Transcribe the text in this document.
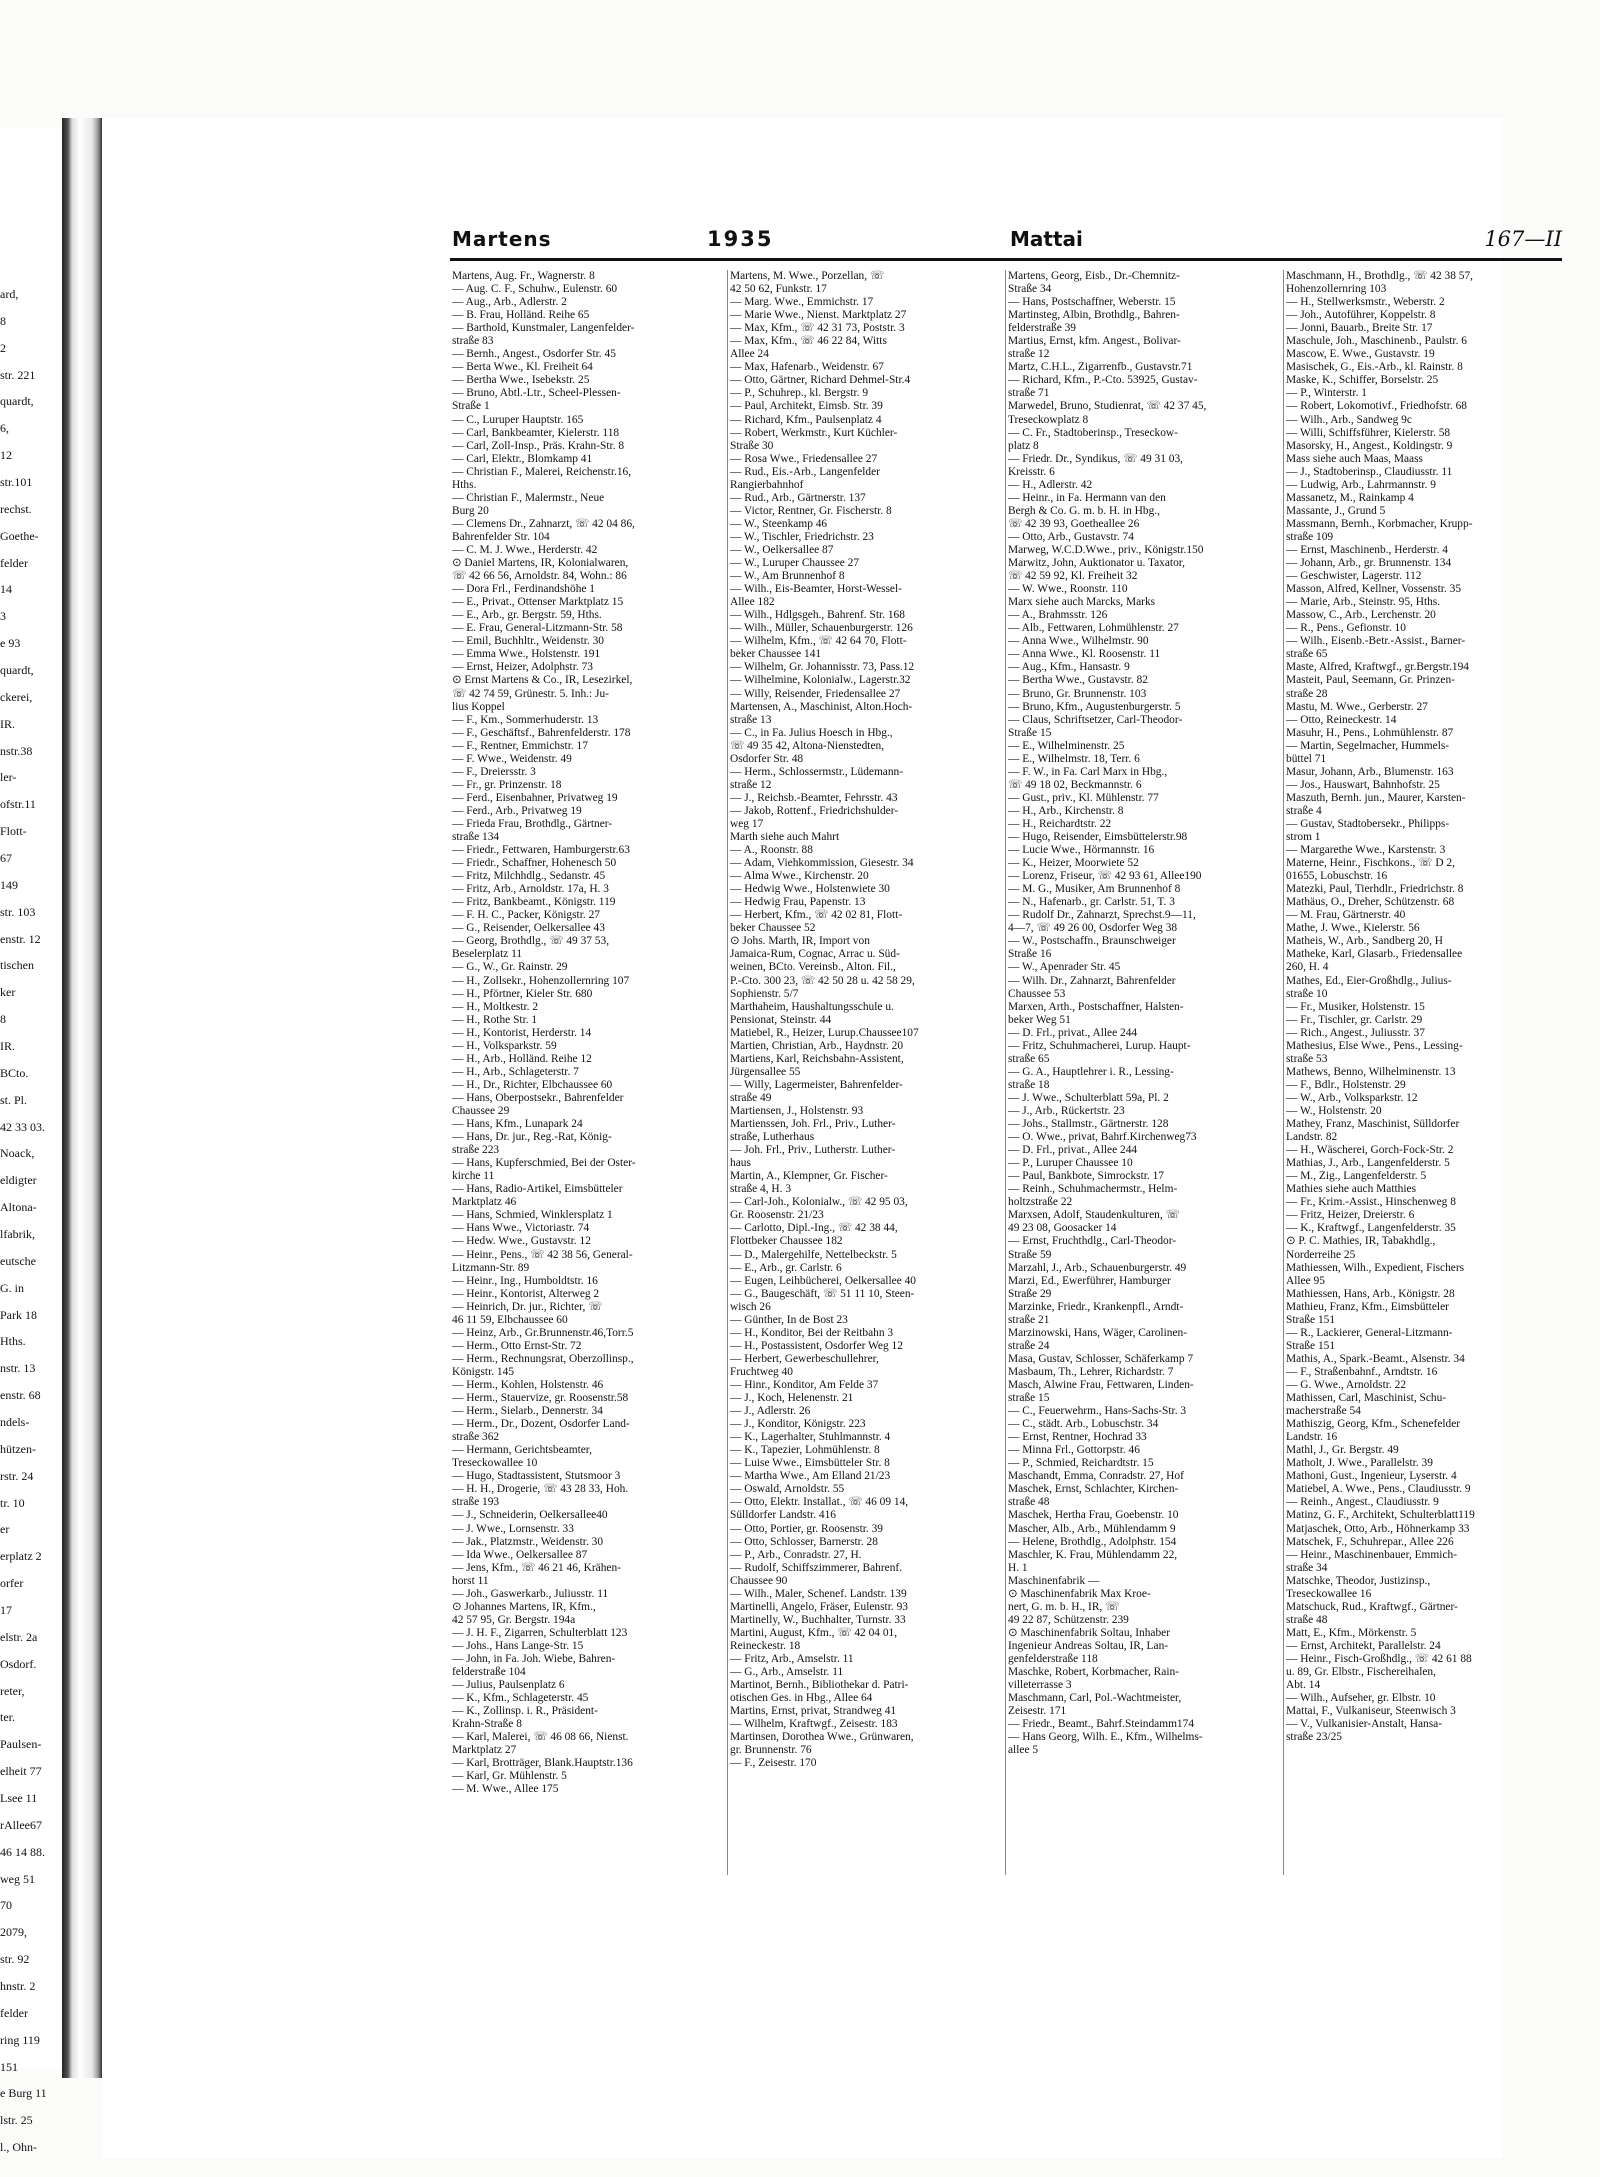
ard,
8
2
str. 221
quardt,
6,
12
str.101
rechst.
Goethe-
felder
14
3
e 93
quardt,
ckerei,
IR.
nstr.38
ler-
ofstr.11
Flott-
67
149
str. 103
enstr. 12
tischen
ker
8
IR.
BCto.
st. Pl.
42 33 03.
Noack,
eldigter
Altona-
lfabrik,
eutsche
G. in
Park 18
Hths.
nstr. 13
enstr. 68
ndels-
hützen-
rstr. 24
tr. 10
er
erplatz 2
orfer
17
elstr. 2a
Osdorf.
reter,
ter.
Paulsen-
elheit 77
Lsee 11
rAllee67
46 14 88.
weg 51
70
2079,
str. 92
hnstr. 2
felder
ring 119
151
e Burg 11
lstr. 25
l., Ohn-
Martens	1935	Mattai	167—II
Martens, Aug. Fr., Wagnerstr. 8
— Aug. C. F., Schuhw., Eulenstr. 60
— Aug., Arb., Adlerstr. 2
— B. Frau, Holländ. Reihe 65
— Barthold, Kunstmaler, Langenfelder-
straße 83
— Bernh., Angest., Osdorfer Str. 45
— Berta Wwe., Kl. Freiheit 64
— Bertha Wwe., Isebekstr. 25
— Bruno, Abtl.-Ltr., Scheel-Plessen-
Straße 1
— C., Luruper Hauptstr. 165
— Carl, Bankbeamter, Kielerstr. 118
— Carl, Zoll-Insp., Präs. Krahn-Str. 8
— Carl, Elektr., Blomkamp 41
— Christian F., Malerei, Reichenstr.16,
Hths.
— Christian F., Malermstr., Neue
Burg 20
— Clemens Dr., Zahnarzt, ☏ 42 04 86,
Bahrenfelder Str. 104
— C. M. J. Wwe., Herderstr. 42
⊙ Daniel Martens, IR, Kolonialwaren,
☏ 42 66 56, Arnoldstr. 84, Wohn.: 86
— Dora Frl., Ferdinandshöhe 1
— E., Privat., Ottenser Marktplatz 15
— E., Arb., gr. Bergstr. 59, Hths.
— E. Frau, General-Litzmann-Str. 58
— Emil, Buchhltr., Weidenstr. 30
— Emma Wwe., Holstenstr. 191
— Ernst, Heizer, Adolphstr. 73
⊙ Ernst Martens & Co., IR, Lesezirkel,
☏ 42 74 59, Grünestr. 5. Inh.: Ju-
lius Koppel
— F., Km., Sommerhuderstr. 13
— F., Geschäftsf., Bahrenfelderstr. 178
— F., Rentner, Emmichstr. 17
— F. Wwe., Weidenstr. 49
— F., Dreiersstr. 3
— Fr., gr. Prinzenstr. 18
— Ferd., Eisenbahner, Privatweg 19
— Ferd., Arb., Privatweg 19
— Frieda Frau, Brothdlg., Gärtner-
straße 134
— Friedr., Fettwaren, Hamburgerstr.63
— Friedr., Schaffner, Hohenesch 50
— Fritz, Milchhdlg., Sedanstr. 45
— Fritz, Arb., Arnoldstr. 17a, H. 3
— Fritz, Bankbeamt., Königstr. 119
— F. H. C., Packer, Königstr. 27
— G., Reisender, Oelkersallee 43
— Georg, Brothdlg., ☏ 49 37 53,
Beselerplatz 11
— G., W., Gr. Rainstr. 29
— H., Zollsekr., Hohenzollernring 107
— H., Pförtner, Kieler Str. 680
— H., Moltkestr. 2
— H., Rothe Str. 1
— H., Kontorist, Herderstr. 14
— H., Volksparkstr. 59
— H., Arb., Holländ. Reihe 12
— H., Arb., Schlageterstr. 7
— H., Dr., Richter, Elbchaussee 60
— Hans, Oberpostsekr., Bahrenfelder
Chaussee 29
— Hans, Kfm., Lunapark 24
— Hans, Dr. jur., Reg.-Rat, König-
straße 223
— Hans, Kupferschmied, Bei der Oster-
kirche 11
— Hans, Radio-Artikel, Eimsbütteler
Marktplatz 46
— Hans, Schmied, Winklersplatz 1
— Hans Wwe., Victoriastr. 74
— Hedw. Wwe., Gustavstr. 12
— Heinr., Pens., ☏ 42 38 56, General-
Litzmann-Str. 89
— Heinr., Ing., Humboldtstr. 16
— Heinr., Kontorist, Alterweg 2
— Heinrich, Dr. jur., Richter, ☏
46 11 59, Elbchaussee 60
— Heinz, Arb., Gr.Brunnenstr.46,Torr.5
— Herm., Otto Ernst-Str. 72
— Herm., Rechnungsrat, Oberzollinsp.,
Königstr. 145
— Herm., Kohlen, Holstenstr. 46
— Herm., Stauervize, gr. Roosenstr.58
— Herm., Sielarb., Dennerstr. 34
— Herm., Dr., Dozent, Osdorfer Land-
straße 362
— Hermann, Gerichtsbeamter,
Treseckowallee 10
— Hugo, Stadtassistent, Stutsmoor 3
— H. H., Drogerie, ☏ 43 28 33, Hoh.
straße 193
— J., Schneiderin, Oelkersallee40
— J. Wwe., Lornsenstr. 33
— Jak., Platzmstr., Weidenstr. 30
— Ida Wwe., Oelkersallee 87
— Jens, Kfm., ☏ 46 21 46, Krähen-
horst 11
— Joh., Gaswerkarb., Juliusstr. 11
⊙ Johannes Martens, IR, Kfm.,
42 57 95, Gr. Bergstr. 194a
— J. H. F., Zigarren, Schulterblatt 123
— Johs., Hans Lange-Str. 15
— John, in Fa. Joh. Wiebe, Bahren-
felderstraße 104
— Julius, Paulsenplatz 6
— K., Kfm., Schlageterstr. 45
— K., Zollinsp. i. R., Präsident-
Krahn-Straße 8
— Karl, Malerei, ☏ 46 08 66, Nienst.
Marktplatz 27
— Karl, Brotträger, Blank.Hauptstr.136
— Karl, Gr. Mühlenstr. 5
— M. Wwe., Allee 175
Martens, M. Wwe., Porzellan, ☏
42 50 62, Funkstr. 17
— Marg. Wwe., Emmichstr. 17
— Marie Wwe., Nienst. Marktplatz 27
— Max, Kfm., ☏ 42 31 73, Poststr. 3
— Max, Kfm., ☏ 46 22 84, Witts
Allee 24
— Max, Hafenarb., Weidenstr. 67
— Otto, Gärtner, Richard Dehmel-Str.4
— P., Schuhrep., kl. Bergstr. 9
— Paul, Architekt, Eimsb. Str. 39
— Richard, Kfm., Paulsenplatz 4
— Robert, Werkmstr., Kurt Küchler-
Straße 30
— Rosa Wwe., Friedensallee 27
— Rud., Eis.-Arb., Langenfelder
Rangierbahnhof
— Rud., Arb., Gärtnerstr. 137
— Victor, Rentner, Gr. Fischerstr. 8
— W., Steenkamp 46
— W., Tischler, Friedrichstr. 23
— W., Oelkersallee 87
— W., Luruper Chaussee 27
— W., Am Brunnenhof 8
— Wilh., Eis-Beamter, Horst-Wessel-
Allee 182
— Wilh., Hdlgsgeh., Bahrenf. Str. 168
— Wilh., Müller, Schauenburgerstr. 126
— Wilhelm, Kfm., ☏ 42 64 70, Flott-
beker Chaussee 141
— Wilhelm, Gr. Johannisstr. 73, Pass.12
— Wilhelmine, Kolonialw., Lagerstr.32
— Willy, Reisender, Friedensallee 27
Martensen, A., Maschinist, Alton.Hoch-
straße 13
— C., in Fa. Julius Hoesch in Hbg.,
☏ 49 35 42, Altona-Nienstedten,
Osdorfer Str. 48
— Herm., Schlossermstr., Lüdemann-
straße 12
— J., Reichsb.-Beamter, Fehrsstr. 43
— Jakob, Rottenf., Friedrichshulder-
weg 17
Marth siehe auch Mahrt
— A., Roonstr. 88
— Adam, Viehkommission, Giesestr. 34
— Alma Wwe., Kirchenstr. 20
— Hedwig Wwe., Holstenwiete 30
— Hedwig Frau, Papenstr. 13
— Herbert, Kfm., ☏ 42 02 81, Flott-
beker Chaussee 52
⊙ Johs. Marth, IR, Import von
Jamaica-Rum, Cognac, Arrac u. Süd-
weinen, BCto. Vereinsb., Alton. Fil.,
P.-Cto. 300 23, ☏ 42 50 28 u. 42 58 29,
Sophienstr. 5/7
Marthaheim, Haushaltungsschule u.
Pensionat, Steinstr. 44
Matiebel, R., Heizer, Lurup.Chaussee107
Martien, Christian, Arb., Haydnstr. 20
Martiens, Karl, Reichsbahn-Assistent,
Jürgensallee 55
— Willy, Lagermeister, Bahrenfelder-
straße 49
Martiensen, J., Holstenstr. 93
Martienssen, Joh. Frl., Priv., Luther-
straße, Lutherhaus
— Joh. Frl., Priv., Lutherstr. Luther-
haus
Martin, A., Klempner, Gr. Fischer-
straße 4, H. 3
— Carl-Joh., Kolonialw., ☏ 42 95 03,
Gr. Roosenstr. 21/23
— Carlotto, Dipl.-Ing., ☏ 42 38 44,
Flottbeker Chaussee 182
— D., Malergehilfe, Nettelbeckstr. 5
— E., Arb., gr. Carlstr. 6
— Eugen, Leihbücherei, Oelkersallee 40
— G., Baugeschäft, ☏ 51 11 10, Steen-
wisch 26
— Günther, In de Bost 23
— H., Konditor, Bei der Reitbahn 3
— H., Postassistent, Osdorfer Weg 12
— Herbert, Gewerbeschullehrer,
Fruchtweg 40
— Hinr., Konditor, Am Felde 37
— J., Koch, Helenenstr. 21
— J., Adlerstr. 26
— J., Konditor, Königstr. 223
— K., Lagerhalter, Stuhlmannstr. 4
— K., Tapezier, Lohmühlenstr. 8
— Luise Wwe., Eimsbütteler Str. 8
— Martha Wwe., Am Elland 21/23
— Oswald, Arnoldstr. 55
— Otto, Elektr. Installat., ☏ 46 09 14,
Sülldorfer Landstr. 416
— Otto, Portier, gr. Roosenstr. 39
— Otto, Schlosser, Barnerstr. 28
— P., Arb., Conradstr. 27, H.
— Rudolf, Schiffszimmerer, Bahrenf.
Chaussee 90
— Wilh., Maler, Schenef. Landstr. 139
Martinelli, Angelo, Fräser, Eulenstr. 93
Martinelly, W., Buchhalter, Turnstr. 33
Martini, August, Kfm., ☏ 42 04 01,
Reineckestr. 18
— Fritz, Arb., Amselstr. 11
— G., Arb., Amselstr. 11
Martinot, Bernh., Bibliothekar d. Patri-
otischen Ges. in Hbg., Allee 64
Martins, Ernst, privat, Strandweg 41
— Wilhelm, Kraftwgf., Zeisestr. 183
Martinsen, Dorothea Wwe., Grünwaren,
gr. Brunnenstr. 76
— F., Zeisestr. 170
Martens, Georg, Eisb., Dr.-Chemnitz-
Straße 34
— Hans, Postschaffner, Weberstr. 15
Martinsteg, Albin, Brothdlg., Bahren-
felderstraße 39
Martius, Ernst, kfm. Angest., Bolivar-
straße 12
Martz, C.H.L., Zigarrenfb., Gustavstr.71
— Richard, Kfm., P.-Cto. 53925, Gustav-
straße 71
Marwedel, Bruno, Studienrat, ☏ 42 37 45,
Treseckowplatz 8
— C. Fr., Stadtoberinsp., Treseckow-
platz 8
— Friedr. Dr., Syndikus, ☏ 49 31 03,
Kreisstr. 6
— H., Adlerstr. 42
— Heinr., in Fa. Hermann van den
Bergh & Co. G. m. b. H. in Hbg.,
☏ 42 39 93, Goetheallee 26
— Otto, Arb., Gustavstr. 74
Marweg, W.C.D.Wwe., priv., Königstr.150
Marwitz, John, Auktionator u. Taxator,
☏ 42 59 92, Kl. Freiheit 32
— W. Wwe., Roonstr. 110
Marx siehe auch Marcks, Marks
— A., Brahmsstr. 126
— Alb., Fettwaren, Lohmühlenstr. 27
— Anna Wwe., Wilhelmstr. 90
— Anna Wwe., Kl. Roosenstr. 11
— Aug., Kfm., Hansastr. 9
— Bertha Wwe., Gustavstr. 82
— Bruno, Gr. Brunnenstr. 103
— Bruno, Kfm., Augustenburgerstr. 5
— Claus, Schriftsetzer, Carl-Theodor-
Straße 15
— E., Wilhelminenstr. 25
— E., Wilhelmstr. 18, Terr. 6
— F. W., in Fa. Carl Marx in Hbg.,
☏ 49 18 02, Beckmannstr. 6
— Gust., priv., Kl. Mühlenstr. 77
— H., Arb., Kirchenstr. 8
— H., Reichardtstr. 22
— Hugo, Reisender, Eimsbüttelerstr.98
— Lucie Wwe., Hörmannstr. 16
— K., Heizer, Moorwiete 52
— Lorenz, Friseur, ☏ 42 93 61, Allee190
— M. G., Musiker, Am Brunnenhof 8
— N., Hafenarb., gr. Carlstr. 51, T. 3
— Rudolf Dr., Zahnarzt, Sprechst.9—11,
4—7, ☏ 49 26 00, Osdorfer Weg 38
— W., Postschaffn., Braunschweiger
Straße 16
— W., Apenrader Str. 45
— Wilh. Dr., Zahnarzt, Bahrenfelder
Chaussee 53
Marxen, Arth., Postschaffner, Halsten-
beker Weg 51
— D. Frl., privat., Allee 244
— Fritz, Schuhmacherei, Lurup. Haupt-
straße 65
— G. A., Hauptlehrer i. R., Lessing-
straße 18
— J. Wwe., Schulterblatt 59a, Pl. 2
— J., Arb., Rückertstr. 23
— Johs., Stallmstr., Gärtnerstr. 128
— O. Wwe., privat, Bahrf.Kirchenweg73
— D. Frl., privat., Allee 244
— P., Luruper Chaussee 10
— Paul, Bankbote, Simrockstr. 17
— Reinh., Schuhmachermstr., Helm-
holtzstraße 22
Marxsen, Adolf, Staudenkulturen, ☏
49 23 08, Goosacker 14
— Ernst, Fruchthdlg., Carl-Theodor-
Straße 59
Marzahl, J., Arb., Schauenburgerstr. 49
Marzi, Ed., Ewerführer, Hamburger
Straße 29
Marzinke, Friedr., Krankenpfl., Arndt-
straße 21
Marzinowski, Hans, Wäger, Carolinen-
straße 24
Masa, Gustav, Schlosser, Schäferkamp 7
Masbaum, Th., Lehrer, Richardstr. 7
Masch, Alwine Frau, Fettwaren, Linden-
straße 15
— C., Feuerwehrm., Hans-Sachs-Str. 3
— C., städt. Arb., Lobuschstr. 34
— Ernst, Rentner, Hochrad 33
— Minna Frl., Gottorpstr. 46
— P., Schmied, Reichardtstr. 15
Maschandt, Emma, Conradstr. 27, Hof
Maschek, Ernst, Schlachter, Kirchen-
straße 48
Maschek, Hertha Frau, Goebenstr. 10
Mascher, Alb., Arb., Mühlendamm 9
— Helene, Brothdlg., Adolphstr. 154
Maschler, K. Frau, Mühlendamm 22,
H. 1
Maschinenfabrik —
⊙ Maschinenfabrik Max Kroe-
nert, G. m. b. H., IR, ☏
49 22 87, Schützenstr. 239
⊙ Maschinenfabrik Soltau, Inhaber
Ingenieur Andreas Soltau, IR, Lan-
genfelderstraße 118
Maschke, Robert, Korbmacher, Rain-
villeterrasse 3
Maschmann, Carl, Pol.-Wachtmeister,
Zeisestr. 171
— Friedr., Beamt., Bahrf.Steindamm174
— Hans Georg, Wilh. E., Kfm., Wilhelms-
allee 5
Maschmann, H., Brothdlg., ☏ 42 38 57,
Hohenzollernring 103
— H., Stellwerksmstr., Weberstr. 2
— Joh., Autoführer, Koppelstr. 8
— Jonni, Bauarb., Breite Str. 17
Maschule, Joh., Maschinenb., Paulstr. 6
Mascow, E. Wwe., Gustavstr. 19
Masischek, G., Eis.-Arb., kl. Rainstr. 8
Maske, K., Schiffer, Borselstr. 25
— P., Winterstr. 1
— Robert, Lokomotivf., Friedhofstr. 68
— Wilh., Arb., Sandweg 9c
— Willi, Schiffsführer, Kielerstr. 58
Masorsky, H., Angest., Koldingstr. 9
Mass siehe auch Maas, Maass
— J., Stadtoberinsp., Claudiusstr. 11
— Ludwig, Arb., Lahrmannstr. 9
Massanetz, M., Rainkamp 4
Massante, J., Grund 5
Massmann, Bernh., Korbmacher, Krupp-
straße 109
— Ernst, Maschinenb., Herderstr. 4
— Johann, Arb., gr. Brunnenstr. 134
— Geschwister, Lagerstr. 112
Masson, Alfred, Kellner, Vossenstr. 35
— Marie, Arb., Steinstr. 95, Hths.
Massow, C., Arb., Lerchenstr. 20
— R., Pens., Gefionstr. 10
— Wilh., Eisenb.-Betr.-Assist., Barner-
straße 65
Maste, Alfred, Kraftwgf., gr.Bergstr.194
Masteit, Paul, Seemann, Gr. Prinzen-
straße 28
Mastu, M. Wwe., Gerberstr. 27
— Otto, Reineckestr. 14
Masuhr, H., Pens., Lohmühlenstr. 87
— Martin, Segelmacher, Hummels-
büttel 71
Masur, Johann, Arb., Blumenstr. 163
— Jos., Hauswart, Bahnhofstr. 25
Maszuth, Bernh. jun., Maurer, Karsten-
straße 4
— Gustav, Stadtobersekr., Philipps-
strom 1
— Margarethe Wwe., Karstenstr. 3
Materne, Heinr., Fischkons., ☏ D 2,
01655, Lobuschstr. 16
Matezki, Paul, Tierhdlr., Friedrichstr. 8
Mathäus, O., Dreher, Schützenstr. 68
— M. Frau, Gärtnerstr. 40
Mathe, J. Wwe., Kielerstr. 56
Matheis, W., Arb., Sandberg 20, H
Matheke, Karl, Glasarb., Friedensallee
260, H. 4
Mathes, Ed., Eier-Großhdlg., Julius-
straße 10
— Fr., Musiker, Holstenstr. 15
— Fr., Tischler, gr. Carlstr. 29
— Rich., Angest., Juliusstr. 37
Mathesius, Else Wwe., Pens., Lessing-
straße 53
Mathews, Benno, Wilhelminenstr. 13
— F., Bdlr., Holstenstr. 29
— W., Arb., Volksparkstr. 12
— W., Holstenstr. 20
Mathey, Franz, Maschinist, Sülldorfer
Landstr. 82
— H., Wäscherei, Gorch-Fock-Str. 2
Mathias, J., Arb., Langenfelderstr. 5
— M., Zig., Langenfelderstr. 5
Mathies siehe auch Matthies
— Fr., Krim.-Assist., Hinschenweg 8
— Fritz, Heizer, Dreierstr. 6
— K., Kraftwgf., Langenfelderstr. 35
⊙ P. C. Mathies, IR, Tabakhdlg.,
Norderreihe 25
Mathiessen, Wilh., Expedient, Fischers
Allee 95
Mathiessen, Hans, Arb., Königstr. 28
Mathieu, Franz, Kfm., Eimsbütteler
Straße 151
— R., Lackierer, General-Litzmann-
Straße 151
Mathis, A., Spark.-Beamt., Alsenstr. 34
— F., Straßenbahnf., Arndtstr. 16
— G. Wwe., Arnoldstr. 22
Mathissen, Carl, Maschinist, Schu-
macherstraße 54
Mathiszig, Georg, Kfm., Schenefelder
Landstr. 16
Mathl, J., Gr. Bergstr. 49
Matholt, J. Wwe., Parallelstr. 39
Mathoni, Gust., Ingenieur, Lyserstr. 4
Matiebel, A. Wwe., Pens., Claudiusstr. 9
— Reinh., Angest., Claudiusstr. 9
Matinz, G. F., Architekt, Schulterblatt119
Matjaschek, Otto, Arb., Höhnerkamp 33
Matschek, F., Schuhrepar., Allee 226
— Heinr., Maschinenbauer, Emmich-
straße 34
Matschke, Theodor, Justizinsp.,
Treseckowallee 16
Matschuck, Rud., Kraftwgf., Gärtner-
straße 48
Matt, E., Kfm., Mörkenstr. 5
— Ernst, Architekt, Parallelstr. 24
— Heinr., Fisch-Großhdlg., ☏ 42 61 88
u. 89, Gr. Elbstr., Fischereihalen,
Abt. 14
— Wilh., Aufseher, gr. Elbstr. 10
Mattai, F., Vulkaniseur, Steenwisch 3
— V., Vulkanisier-Anstalt, Hansa-
straße 23/25
